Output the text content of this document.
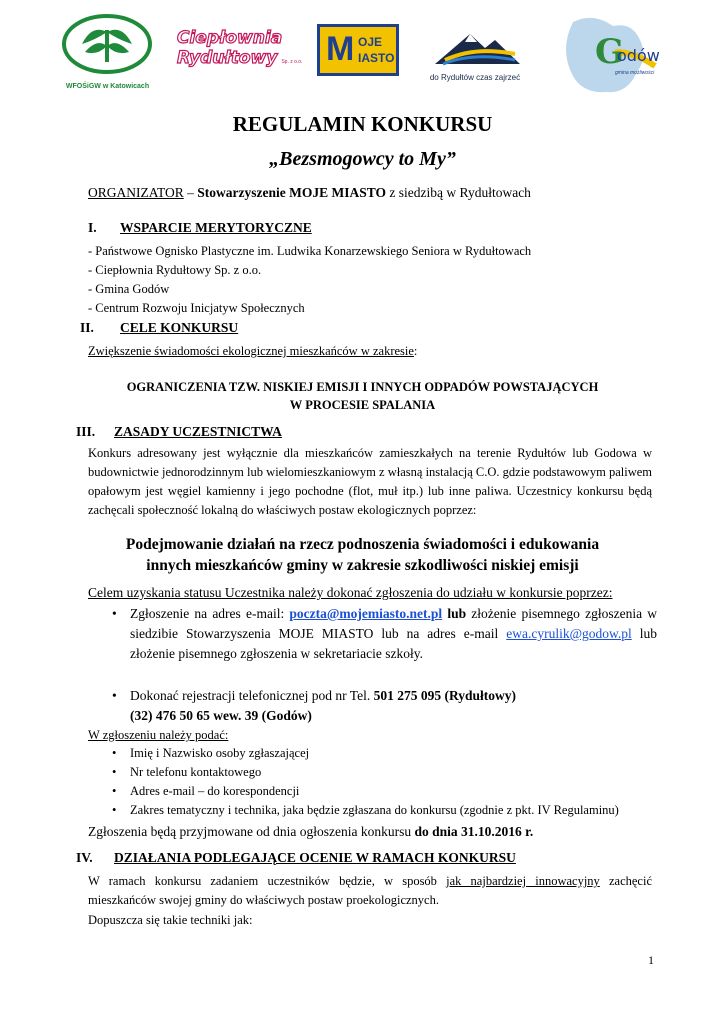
WFOŚiGW w Katowicach
Ciepłownia
Rydułtowy Sp. z o.o. M OJE
IASTO
do Rydułtów czas zajrzeć
G
odów
gmina możliwości
REGULAMIN KONKURSU
„Bezsmogowcy to My”
ORGANIZATOR – Stowarzyszenie MOJE MIASTO z siedzibą w Rydułtowach
I. WSPARCIE MERYTORYCZNE
- Państwowe Ognisko Plastyczne im. Ludwika Konarzewskiego Seniora w Rydułtowach
- Ciepłownia Rydułtowy Sp. z o.o.
- Gmina Godów
- Centrum Rozwoju Inicjatyw Społecznych
II. CELE KONKURSU
Zwiększenie świadomości ekologicznej mieszkańców w zakresie:
OGRANICZENIA TZW. NISKIEJ EMISJI I INNYCH ODPADÓW POWSTAJĄCYCH
W PROCESIE SPALANIA
III. ZASADY UCZESTNICTWA
Konkurs adresowany jest wyłącznie dla mieszkańców zamieszkałych na terenie Rydułtów lub Godowa w budownictwie jednorodzinnym lub wielomieszkaniowym z własną instalacją C.O. gdzie podstawowym paliwem opałowym jest węgiel kamienny i jego pochodne (flot, muł itp.) lub inne paliwa. Uczestnicy konkursu będą zachęcali społeczność lokalną do właściwych postaw ekologicznych poprzez:
Podejmowanie działań na rzecz podnoszenia świadomości i edukowania
innych mieszkańców gminy w zakresie szkodliwości niskiej emisji
Celem uzyskania statusu Uczestnika należy dokonać zgłoszenia do udziału w konkursie poprzez:
• Zgłoszenie na adres e-mail: poczta@mojemiasto.net.pl lub złożenie pisemnego zgłoszenia w siedzibie Stowarzyszenia MOJE MIASTO lub na adres e-mail ewa.cyrulik@godow.pl lub złożenie pisemnego zgłoszenia w sekretariacie szkoły.
• Dokonać rejestracji telefonicznej pod nr Tel. 501 275 095 (Rydułtowy)
(32) 476 50 65 wew. 39 (Godów)
W zgłoszeniu należy podać:
• Imię i Nazwisko osoby zgłaszającej
• Nr telefonu kontaktowego
• Adres e-mail – do korespondencji
• Zakres tematyczny i technika, jaka będzie zgłaszana do konkursu (zgodnie z pkt. IV Regulaminu)
Zgłoszenia będą przyjmowane od dnia ogłoszenia konkursu do dnia 31.10.2016 r.
IV. DZIAŁANIA PODLEGAJĄCE OCENIE W RAMACH KONKURSU
W ramach konkursu zadaniem uczestników będzie, w sposób jak najbardziej innowacyjny zachęcić mieszkańców swojej gminy do właściwych postaw proekologicznych.
Dopuszcza się takie techniki jak:
1
